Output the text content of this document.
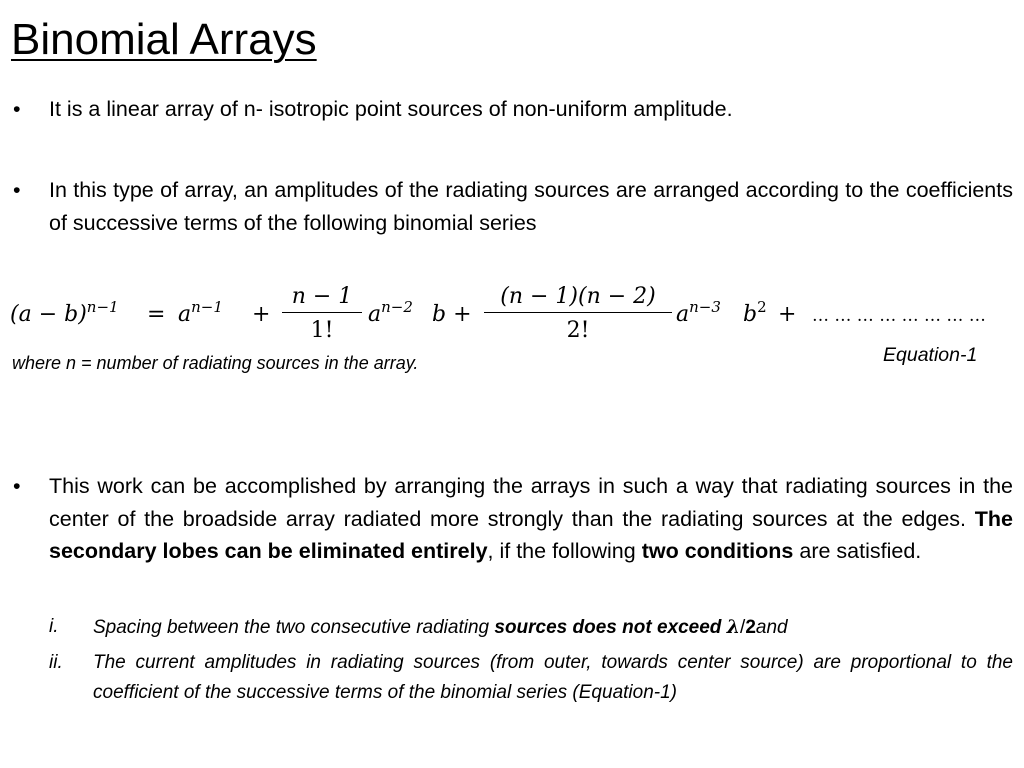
Binomial Arrays
• It is a linear array of n- isotropic point sources of non-uniform amplitude.
• In this type of array, an amplitudes of the radiating sources are arranged according to the coefficients of successive terms of the following binomial series
$(a - b)^{n-1} = a^{n-1}$ +
n − 1
1!
$a^{n-2}$ b +
(n − 1)(n − 2)
2!
$a^{n-3}$ $b^2$ + … … … … … … … …
where n = number of radiating sources in the array.	Equation-1
• This work can be accomplished by arranging the arrays in such a way that radiating sources in the center of the broadside array radiated more strongly than the radiating sources at the edges. The secondary lobes can be eliminated entirely, if the following two conditions are satisfied.
i. Spacing between the two consecutive radiating sources does not exceed λ/2and
ii. The current amplitudes in radiating sources (from outer, towards center source) are proportional to the coefficient of the successive terms of the binomial series (Equation-1)
